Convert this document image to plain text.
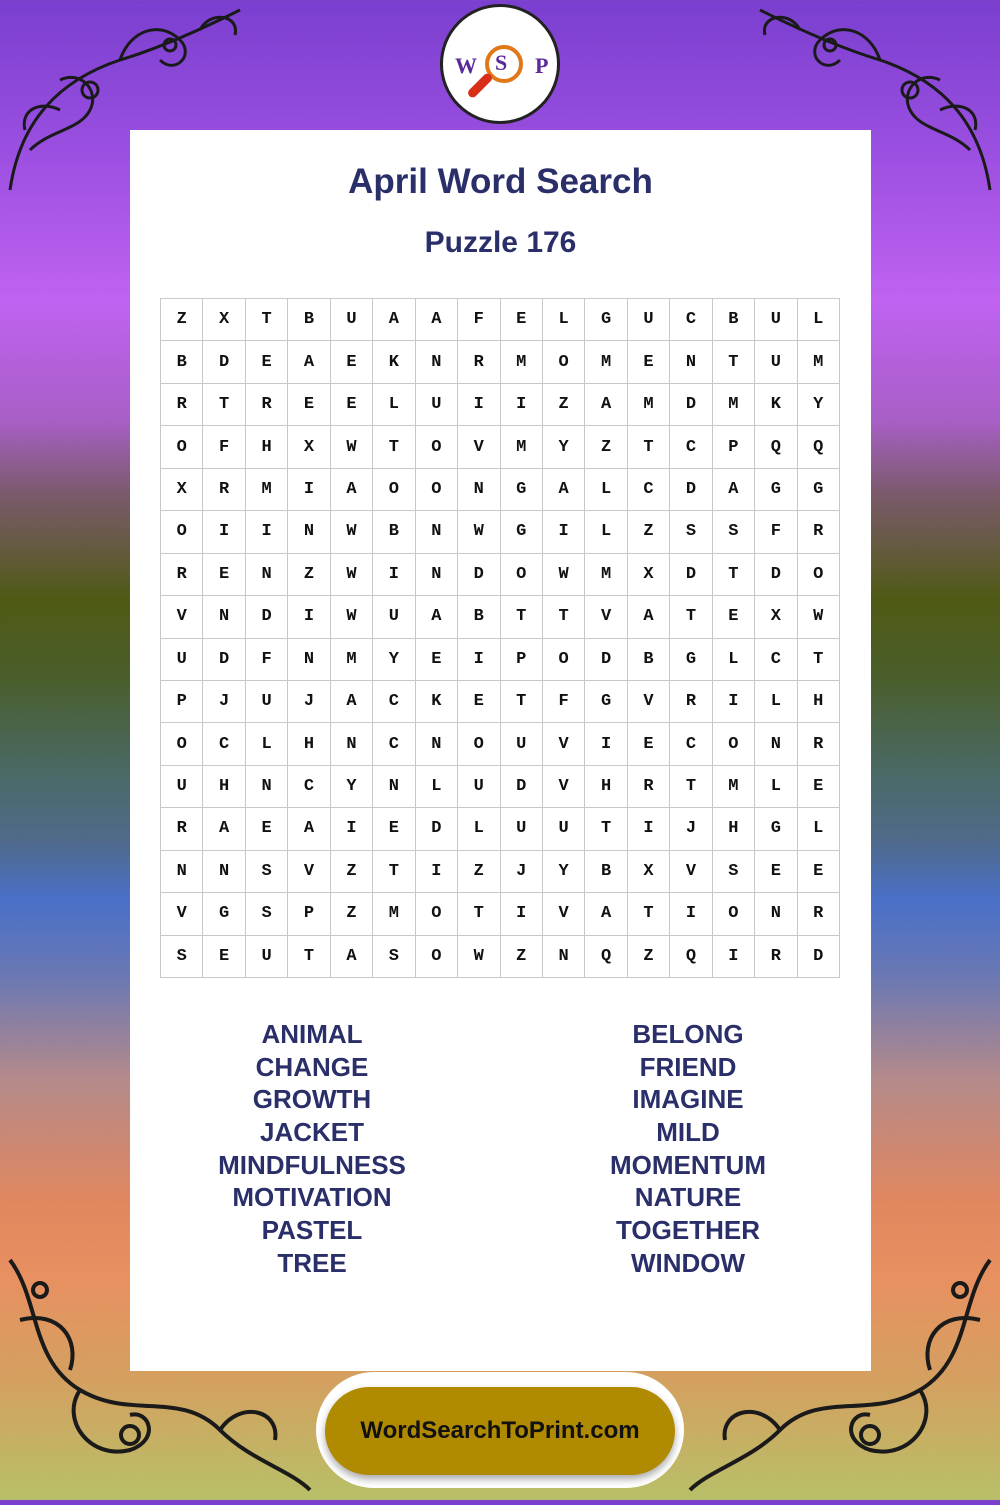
W S P
April Word Search
Puzzle 176
Z	X	T	B	U	A	A	F	E	L	G	U	C	B	U	L
B	D	E	A	E	K	N	R	M	O	M	E	N	T	U	M
R	T	R	E	E	L	U	I	I	Z	A	M	D	M	K	Y
O	F	H	X	W	T	O	V	M	Y	Z	T	C	P	Q	Q
X	R	M	I	A	O	O	N	G	A	L	C	D	A	G	G
O	I	I	N	W	B	N	W	G	I	L	Z	S	S	F	R
R	E	N	Z	W	I	N	D	O	W	M	X	D	T	D	O
V	N	D	I	W	U	A	B	T	T	V	A	T	E	X	W
U	D	F	N	M	Y	E	I	P	O	D	B	G	L	C	T
P	J	U	J	A	C	K	E	T	F	G	V	R	I	L	H
O	C	L	H	N	C	N	O	U	V	I	E	C	O	N	R
U	H	N	C	Y	N	L	U	D	V	H	R	T	M	L	E
R	A	E	A	I	E	D	L	U	U	T	I	J	H	G	L
N	N	S	V	Z	T	I	Z	J	Y	B	X	V	S	E	E
V	G	S	P	Z	M	O	T	I	V	A	T	I	O	N	R
S	E	U	T	A	S	O	W	Z	N	Q	Z	Q	I	R	D
ANIMAL
CHANGE
GROWTH
JACKET
MINDFULNESS
MOTIVATION
PASTEL
TREE
BELONG
FRIEND
IMAGINE
MILD
MOMENTUM
NATURE
TOGETHER
WINDOW
WordSearchToPrint.com
